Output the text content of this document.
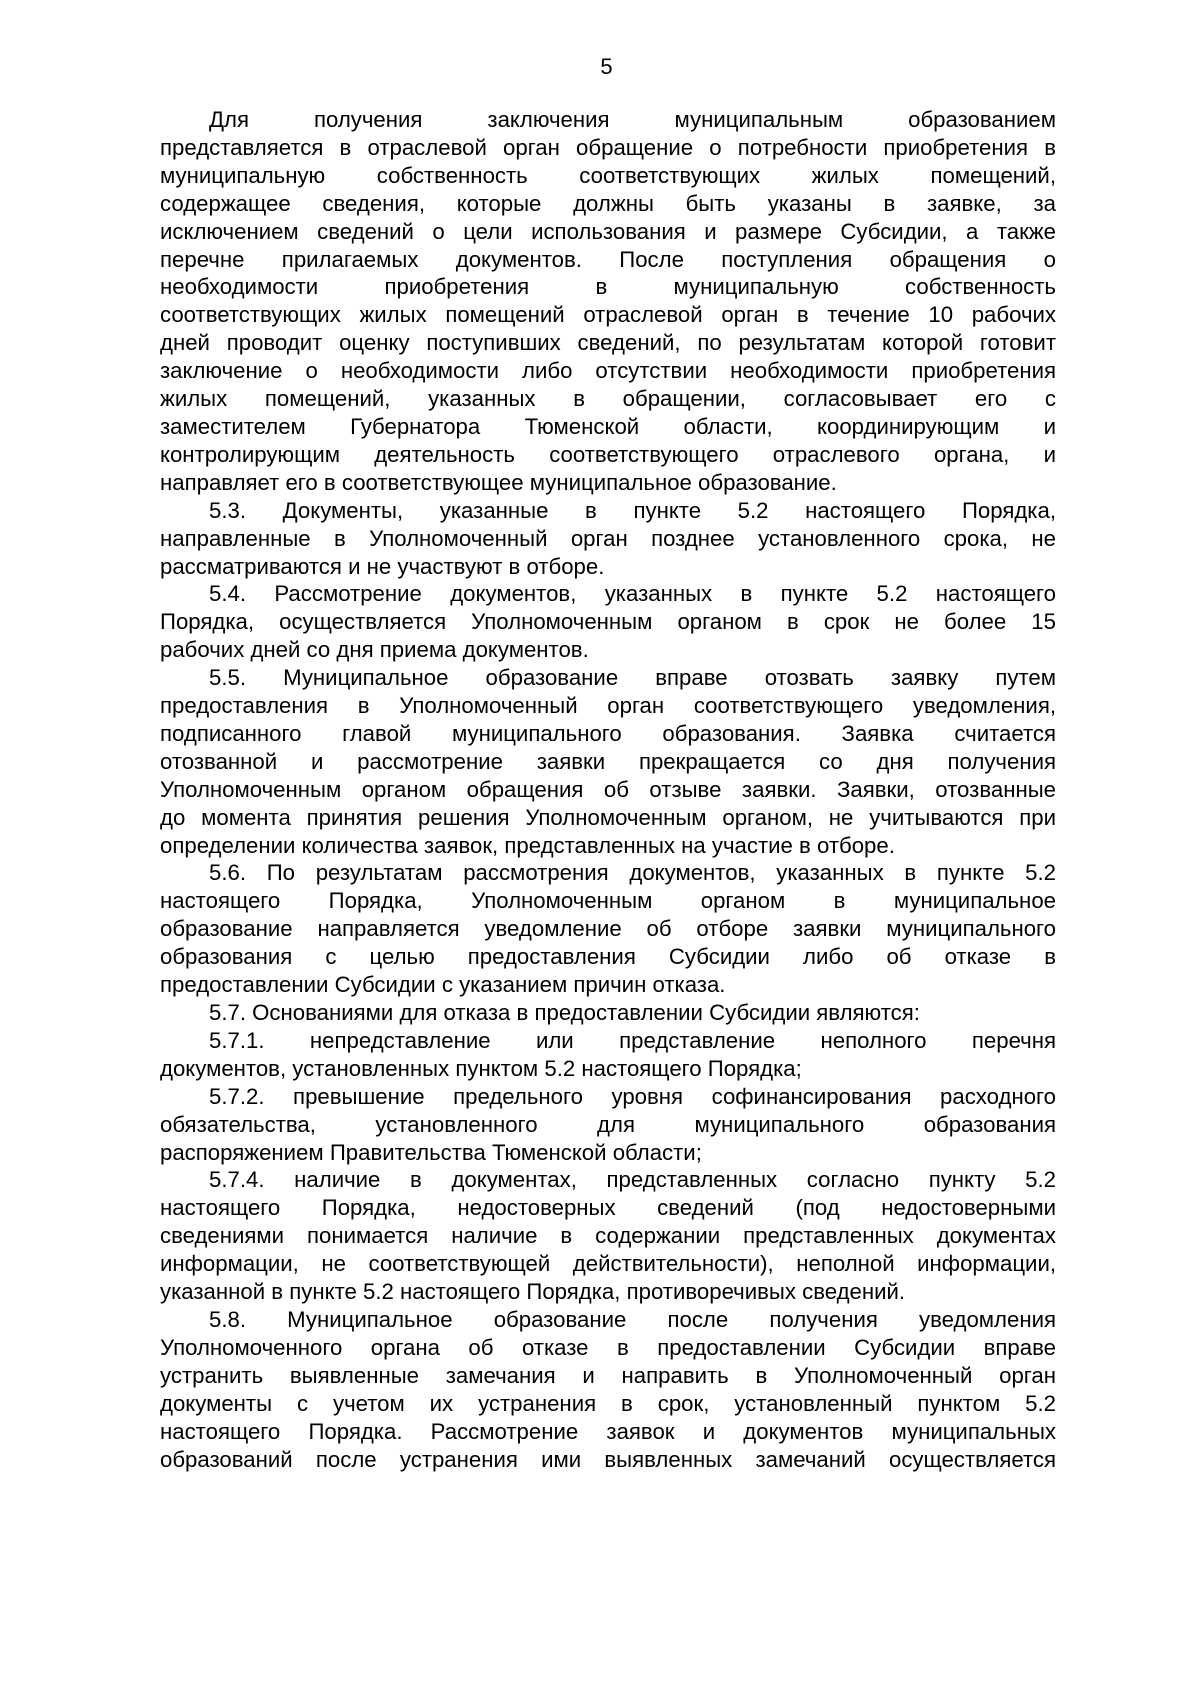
5
Для получения заключения муниципальным образованием
представляется в отраслевой орган обращение о потребности приобретения в
муниципальную собственность соответствующих жилых помещений,
содержащее сведения, которые должны быть указаны в заявке, за
исключением сведений о цели использования и размере Субсидии, а также
перечне прилагаемых документов. После поступления обращения о
необходимости приобретения в муниципальную собственность
соответствующих жилых помещений отраслевой орган в течение 10 рабочих
дней проводит оценку поступивших сведений, по результатам которой готовит
заключение о необходимости либо отсутствии необходимости приобретения
жилых помещений, указанных в обращении, согласовывает его с
заместителем Губернатора Тюменской области, координирующим и
контролирующим деятельность соответствующего отраслевого органа, и
направляет его в соответствующее муниципальное образование.
5.3. Документы, указанные в пункте 5.2 настоящего Порядка,
направленные в Уполномоченный орган позднее установленного срока, не
рассматриваются и не участвуют в отборе.
5.4. Рассмотрение документов, указанных в пункте 5.2 настоящего
Порядка, осуществляется Уполномоченным органом в срок не более 15
рабочих дней со дня приема документов.
5.5. Муниципальное образование вправе отозвать заявку путем
предоставления в Уполномоченный орган соответствующего уведомления,
подписанного главой муниципального образования. Заявка считается
отозванной и рассмотрение заявки прекращается со дня получения
Уполномоченным органом обращения об отзыве заявки. Заявки, отозванные
до момента принятия решения Уполномоченным органом, не учитываются при
определении количества заявок, представленных на участие в отборе.
5.6. По результатам рассмотрения документов, указанных в пункте 5.2
настоящего Порядка, Уполномоченным органом в муниципальное
образование направляется уведомление об отборе заявки муниципального
образования с целью предоставления Субсидии либо об отказе в
предоставлении Субсидии с указанием причин отказа.
5.7. Основаниями для отказа в предоставлении Субсидии являются:
5.7.1. непредставление или представление неполного перечня
документов, установленных пунктом 5.2 настоящего Порядка;
5.7.2. превышение предельного уровня софинансирования расходного
обязательства, установленного для муниципального образования
распоряжением Правительства Тюменской области;
5.7.4. наличие в документах, представленных согласно пункту 5.2
настоящего Порядка, недостоверных сведений (под недостоверными
сведениями понимается наличие в содержании представленных документах
информации, не соответствующей действительности), неполной информации,
указанной в пункте 5.2 настоящего Порядка, противоречивых сведений.
5.8. Муниципальное образование после получения уведомления
Уполномоченного органа об отказе в предоставлении Субсидии вправе
устранить выявленные замечания и направить в Уполномоченный орган
документы с учетом их устранения в срок, установленный пунктом 5.2
настоящего Порядка. Рассмотрение заявок и документов муниципальных
образований после устранения ими выявленных замечаний осуществляется
